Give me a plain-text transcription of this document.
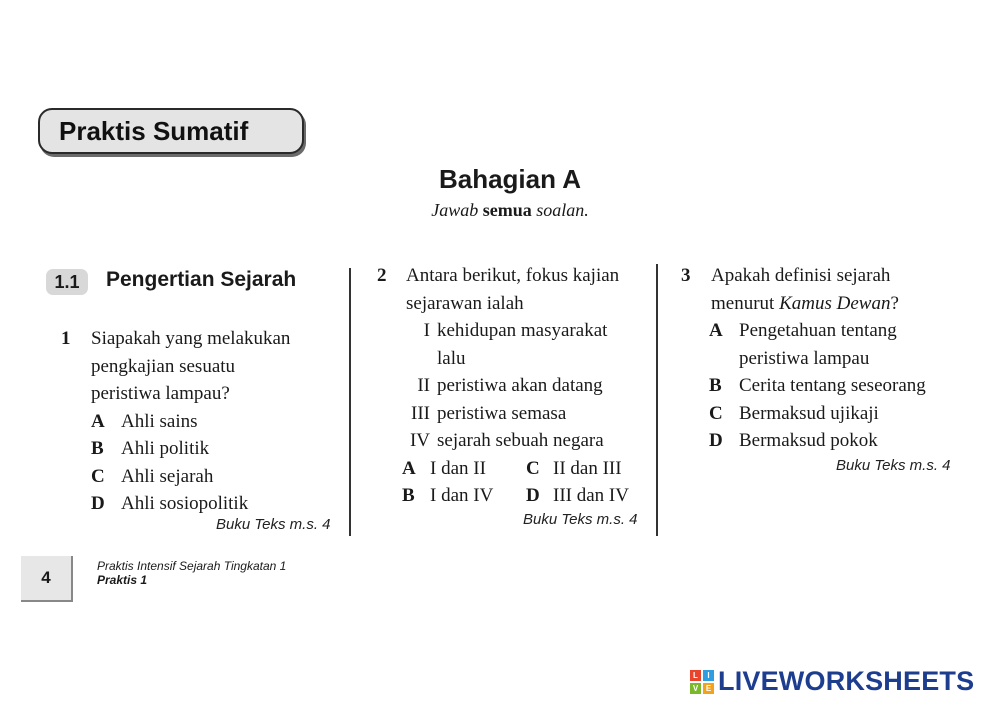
Praktis Sumatif
Bahagian A
Jawab semua soalan.
1.1	Pengertian Sejarah
1 Siapakah yang melakukan
pengkajian sesuatu
peristiwa lampau?
A Ahli sains
B Ahli politik
C Ahli sejarah
D Ahli sosiopolitik
Buku Teks m.s. 4
2 Antara berikut, fokus kajian
sejarawan ialah
I kehidupan masyarakat
lalu
II peristiwa akan datang
III peristiwa semasa
IV sejarah sebuah negara
A I dan II	C II dan III
B I dan IV	D III dan IV
Buku Teks m.s. 4
3 Apakah definisi sejarah
menurut Kamus Dewan?
A Pengetahuan tentang
peristiwa lampau
B Cerita tentang seseorang
C Bermaksud ujikaji
D Bermaksud pokok
Buku Teks m.s. 4
4
Praktis Intensif Sejarah Tingkatan 1
Praktis 1
L	I
V E LIVEWORKSHEETS
